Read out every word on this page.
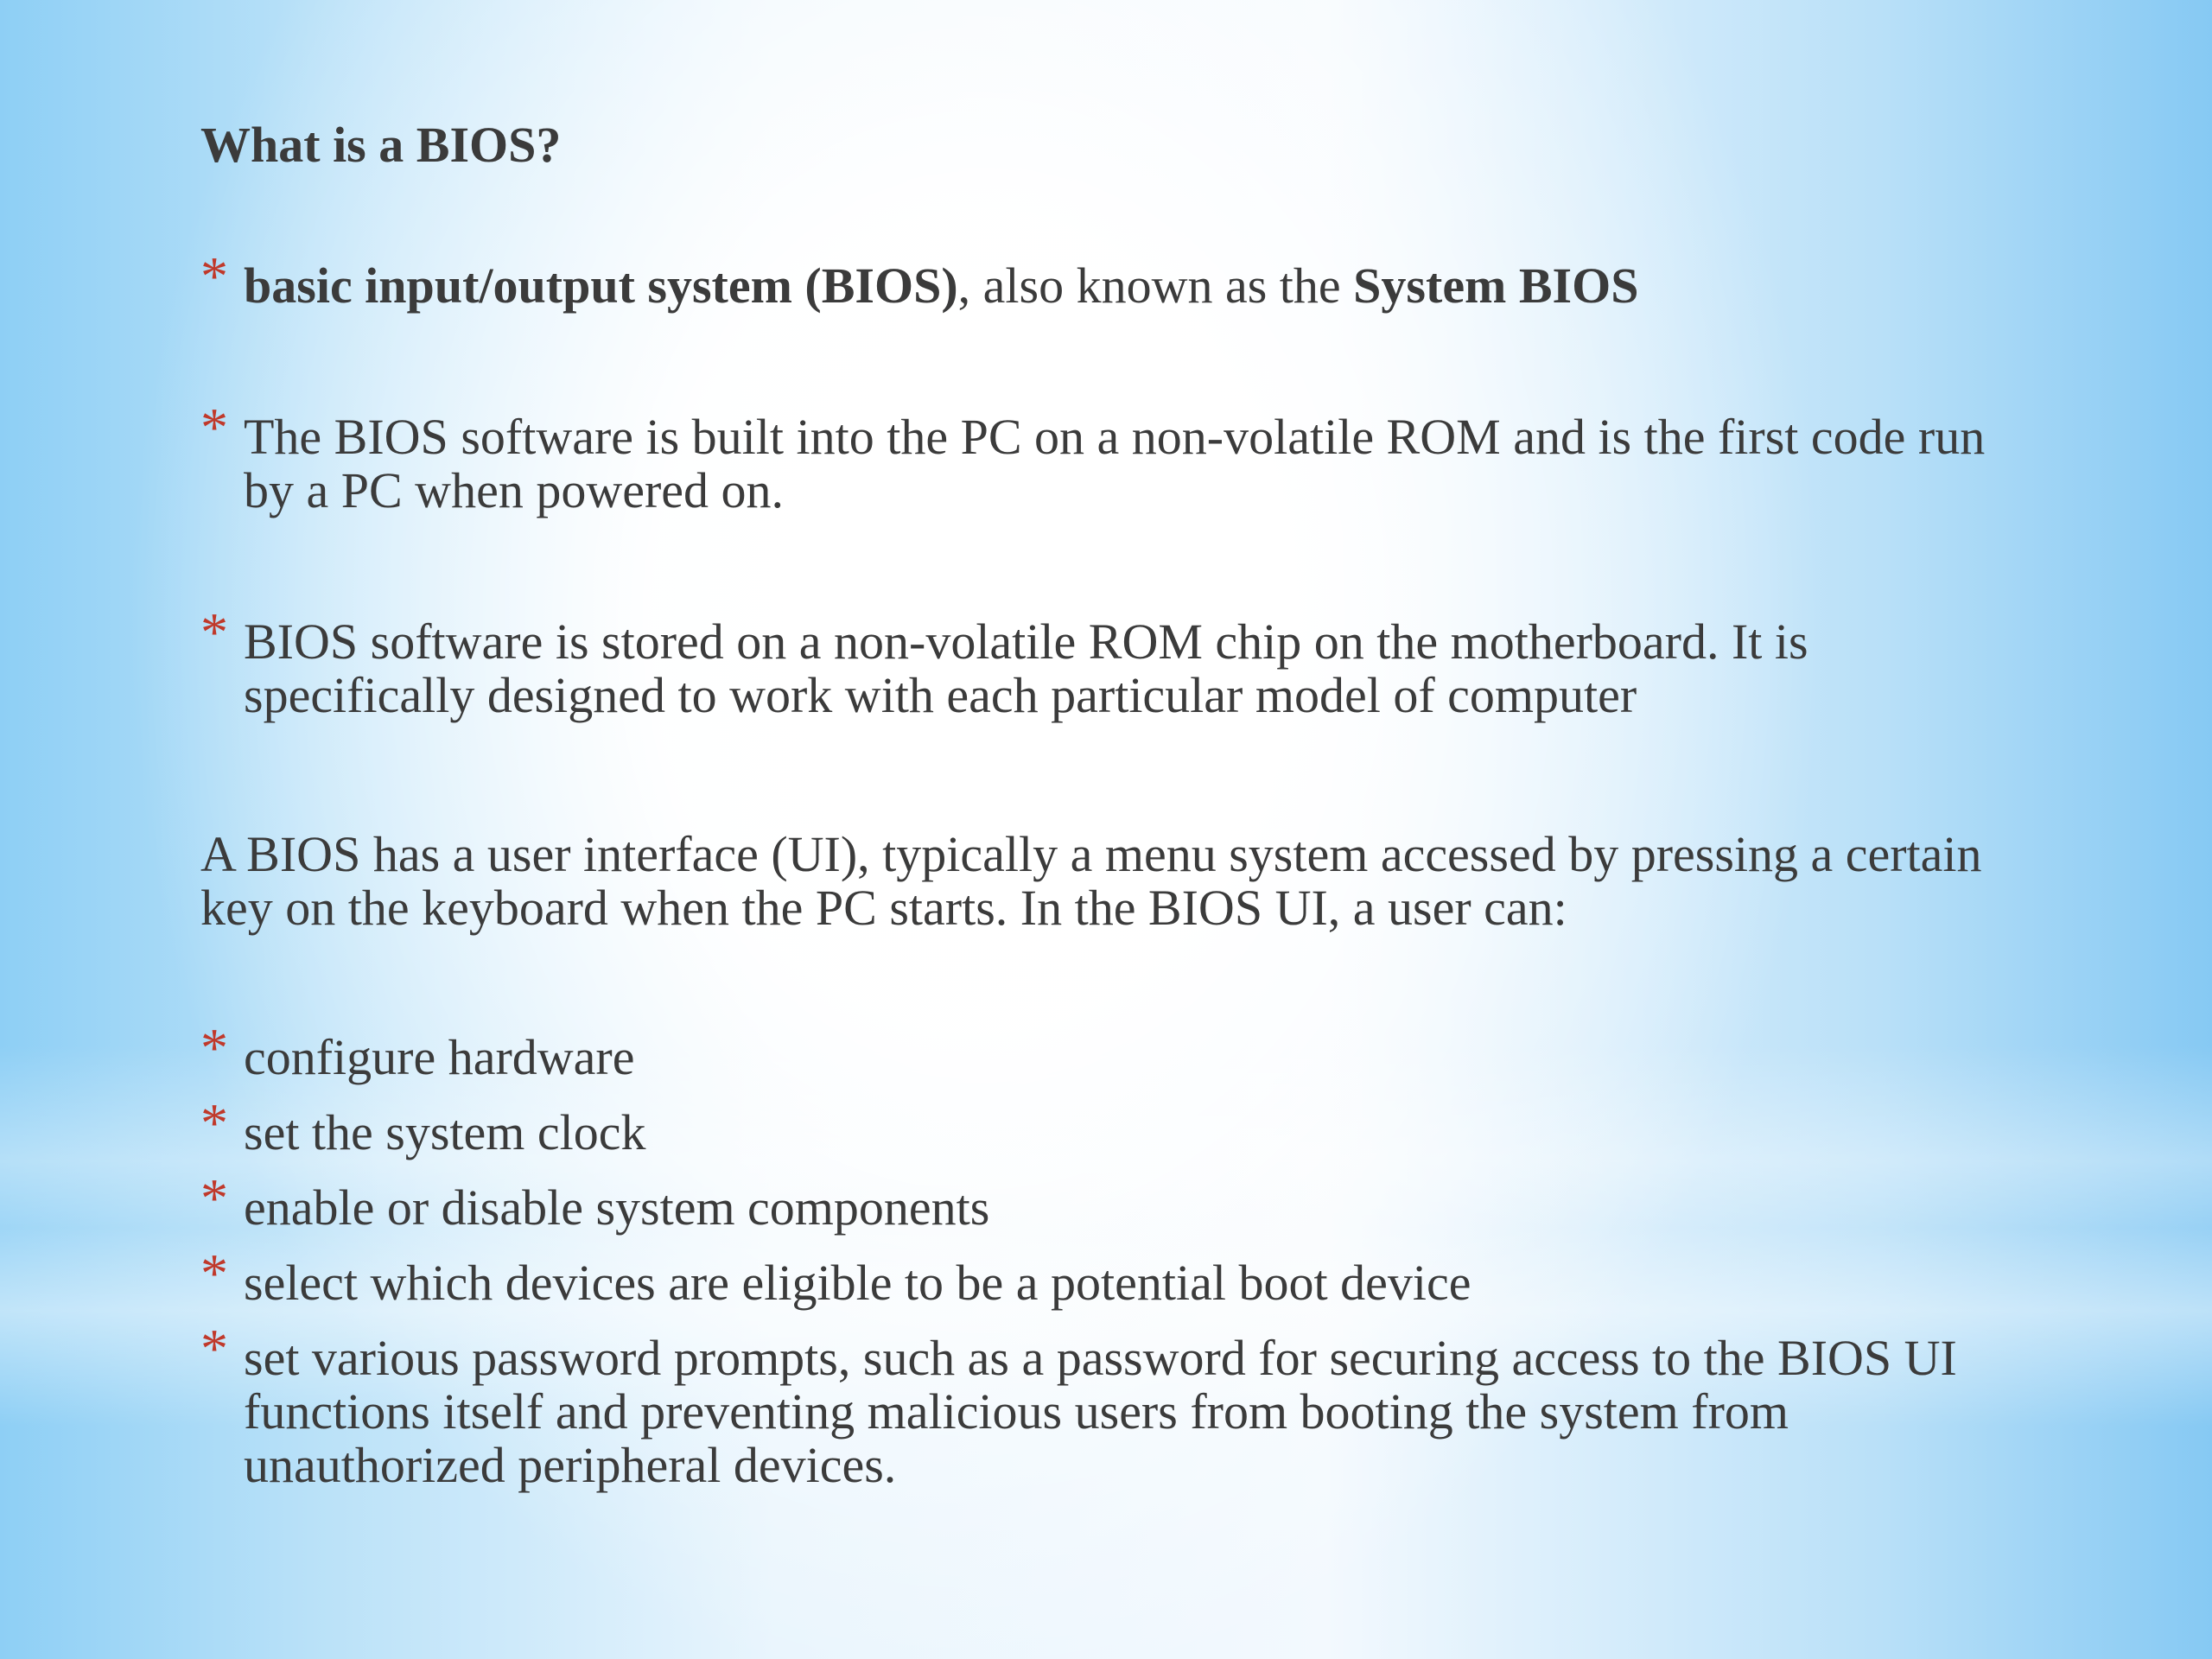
What is a BIOS?
* basic input/output system (BIOS), also known as the System BIOS
* The BIOS software is built into the PC on a non-volatile ROM and is the first code run by a PC when powered on.
* BIOS software is stored on a non-volatile ROM chip on the motherboard. It is specifically designed to work with each particular model of computer
A BIOS has a user interface (UI), typically a menu system accessed by pressing a certain key on the keyboard when the PC starts. In the BIOS UI, a user can:
* configure hardware
* set the system clock
* enable or disable system components
* select which devices are eligible to be a potential boot device
* set various password prompts, such as a password for securing access to the BIOS UI functions itself and preventing malicious users from booting the system from unauthorized peripheral devices.
